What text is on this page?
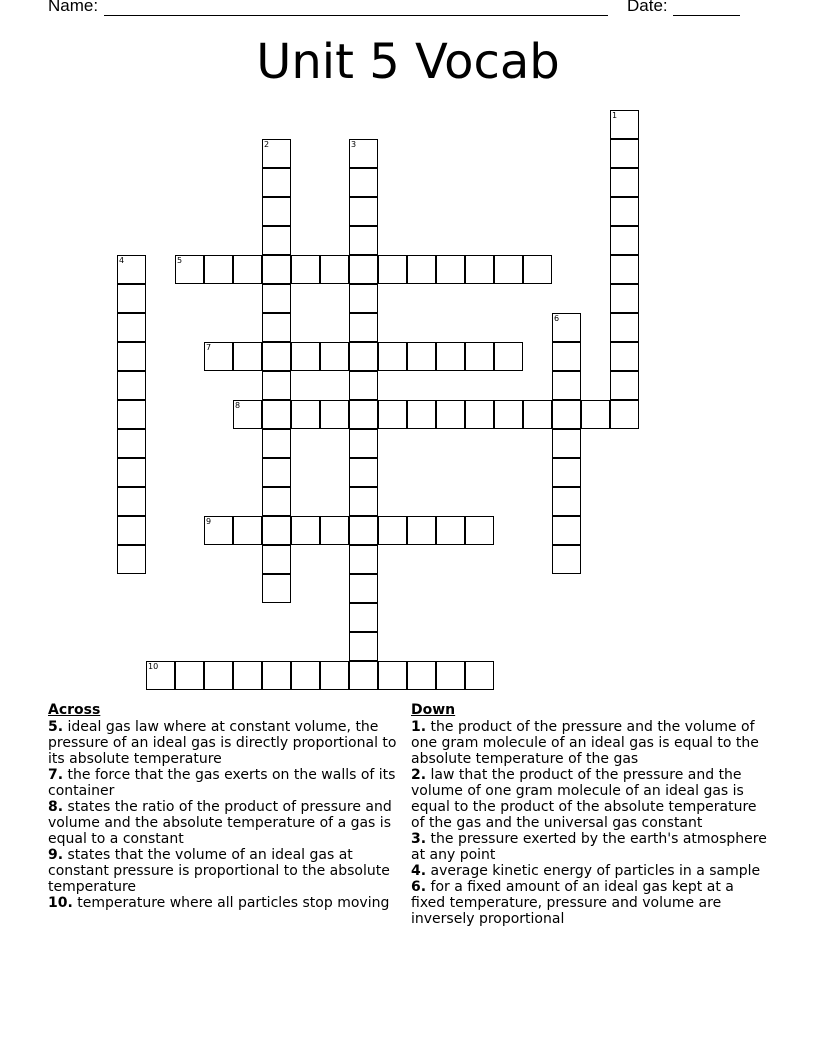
Name:	Date:
Unit 5 Vocab
1
2	3
4	5
6
7
8
9
10
Across
5. ideal gas law where at constant volume, the pressure of an ideal gas is directly proportional to its absolute temperature
7. the force that the gas exerts on the walls of its container
8. states the ratio of the product of pressure and volume and the absolute temperature of a gas is equal to a constant
9. states that the volume of an ideal gas at constant pressure is proportional to the absolute temperature
10. temperature where all particles stop moving
Down
1. the product of the pressure and the volume of one gram molecule of an ideal gas is equal to the absolute temperature of the gas
2. law that the product of the pressure and the volume of one gram molecule of an ideal gas is equal to the product of the absolute temperature of the gas and the universal gas constant
3. the pressure exerted by the earth's atmosphere at any point
4. average kinetic energy of particles in a sample
6. for a fixed amount of an ideal gas kept at a fixed temperature, pressure and volume are inversely proportional
